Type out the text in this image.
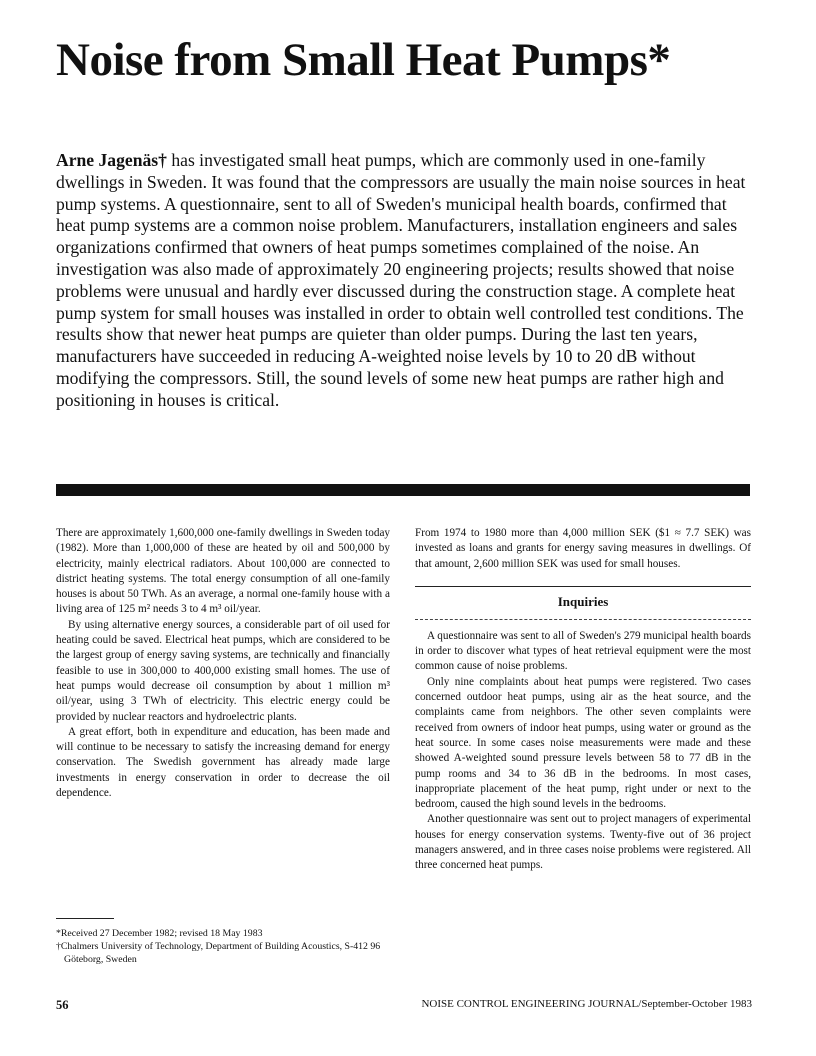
Noise from Small Heat Pumps*

Arne Jagenäs† has investigated small heat pumps, which are commonly used in one-family dwellings in Sweden. It was found that the compressors are usually the main noise sources in heat pump systems. A questionnaire, sent to all of Sweden's municipal health boards, confirmed that heat pump systems are a common noise problem. Manufacturers, installation engineers and sales organizations confirmed that owners of heat pumps sometimes complained of the noise. An investigation was also made of approximately 20 engineering projects; results showed that noise problems were unusual and hardly ever discussed during the construction stage. A complete heat pump system for small houses was installed in order to obtain well controlled test conditions. The results show that newer heat pumps are quieter than older pumps. During the last ten years, manufacturers have succeeded in reducing A-weighted noise levels by 10 to 20 dB without modifying the compressors. Still, the sound levels of some new heat pumps are rather high and positioning in houses is critical.

There are approximately 1,600,000 one-family dwellings in Sweden today (1982). More than 1,000,000 of these are heated by oil and 500,000 by electricity, mainly electrical radiators. About 100,000 are connected to district heating systems. The total energy consumption of all one-family houses is about 50 TWh. As an average, a normal one-family house with a living area of 125 m² needs 3 to 4 m³ oil/year.

By using alternative energy sources, a considerable part of oil used for heating could be saved. Electrical heat pumps, which are considered to be the largest group of energy saving systems, are technically and financially feasible to use in 300,000 to 400,000 existing small homes. The use of heat pumps would decrease oil consumption by about 1 million m³ oil/year, using 3 TWh of electricity. This electric energy could be provided by nuclear reactors and hydroelectric plants.

A great effort, both in expenditure and education, has been made and will continue to be necessary to satisfy the increasing demand for energy conservation. The Swedish government has already made large investments in energy conservation in order to decrease the oil dependence.

*Received 27 December 1982; revised 18 May 1983

†Chalmers University of Technology, Department of Building Acoustics, S-412 96 Göteborg, Sweden

From 1974 to 1980 more than 4,000 million SEK ($1 ≈ 7.7 SEK) was invested as loans and grants for energy saving measures in dwellings. Of that amount, 2,600 million SEK was used for small houses.

Inquiries

A questionnaire was sent to all of Sweden's 279 municipal health boards in order to discover what types of heat retrieval equipment were the most common cause of noise problems.

Only nine complaints about heat pumps were registered. Two cases concerned outdoor heat pumps, using air as the heat source, and the complaints came from neighbors. The other seven complaints were received from owners of indoor heat pumps, using water or ground as the heat source. In some cases noise measurements were made and these showed A-weighted sound pressure levels between 58 to 77 dB in the pump rooms and 34 to 36 dB in the bedrooms. In most cases, inappropriate placement of the heat pump, right under or next to the bedroom, caused the high sound levels in the bedrooms.

Another questionnaire was sent out to project managers of experimental houses for energy conservation systems. Twenty-five out of 36 project managers answered, and in three cases noise problems were registered. All three concerned heat pumps.

56	NOISE CONTROL ENGINEERING JOURNAL/September-October 1983
